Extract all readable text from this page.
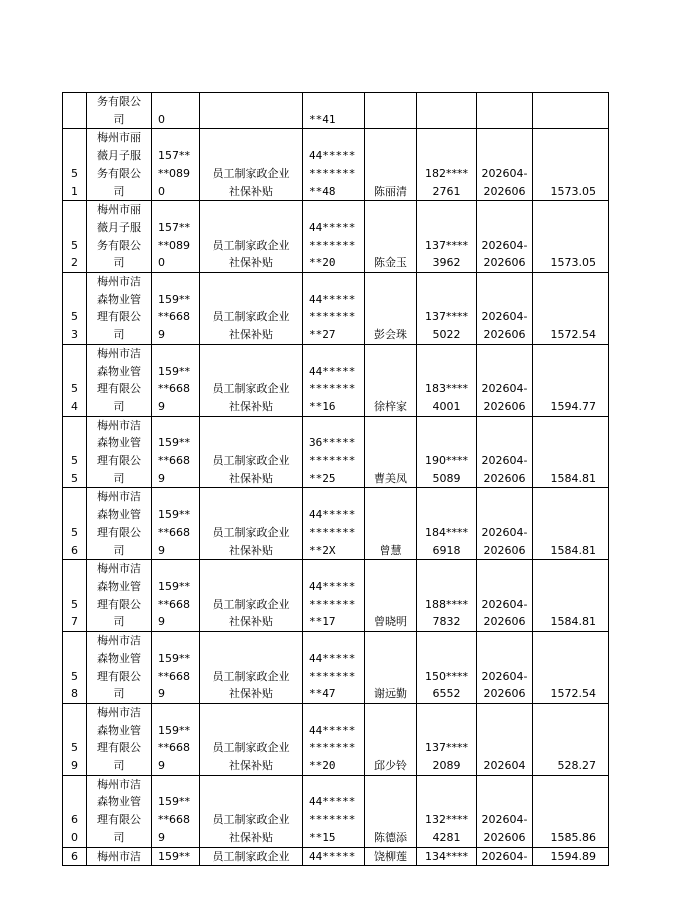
	务有限公
司	0		**41				

5
1	梅州市丽
薇月子服
务有限公
司	157**
**089
0	员工制家政企业
社保补贴	44*****
*******
**48	陈丽清	182****
2761	202604-
202606	1573.05

5
2	梅州市丽
薇月子服
务有限公
司	157**
**089
0	员工制家政企业
社保补贴	44*****
*******
**20	陈金玉	137****
3962	202604-
202606	1573.05

5
3	梅州市洁
森物业管
理有限公
司	159**
**668
9	员工制家政企业
社保补贴	44*****
*******
**27	彭会珠	137****
5022	202604-
202606	1572.54

5
4	梅州市洁
森物业管
理有限公
司	159**
**668
9	员工制家政企业
社保补贴	44*****
*******
**16	徐梓家	183****
4001	202604-
202606	1594.77

5
5	梅州市洁
森物业管
理有限公
司	159**
**668
9	员工制家政企业
社保补贴	36*****
*******
**25	曹美凤	190****
5089	202604-
202606	1584.81

5
6	梅州市洁
森物业管
理有限公
司	159**
**668
9	员工制家政企业
社保补贴	44*****
*******
**2X	曾慧	184****
6918	202604-
202606	1584.81

5
7	梅州市洁
森物业管
理有限公
司	159**
**668
9	员工制家政企业
社保补贴	44*****
*******
**17	曾晓明	188****
7832	202604-
202606	1584.81

5
8	梅州市洁
森物业管
理有限公
司	159**
**668
9	员工制家政企业
社保补贴	44*****
*******
**47	谢远勤	150****
6552	202604-
202606	1572.54

5
9	梅州市洁
森物业管
理有限公
司	159**
**668
9	员工制家政企业
社保补贴	44*****
*******
**20	邱少铃	137****
2089	202604	528.27

6
0	梅州市洁
森物业管
理有限公
司	159**
**668
9	员工制家政企业
社保补贴	44*****
*******
**15	陈德添	132****
4281	202604-
202606	1585.86

6	梅州市洁	159**	员工制家政企业	44*****	饶柳莲	134****	202604-	1594.89
